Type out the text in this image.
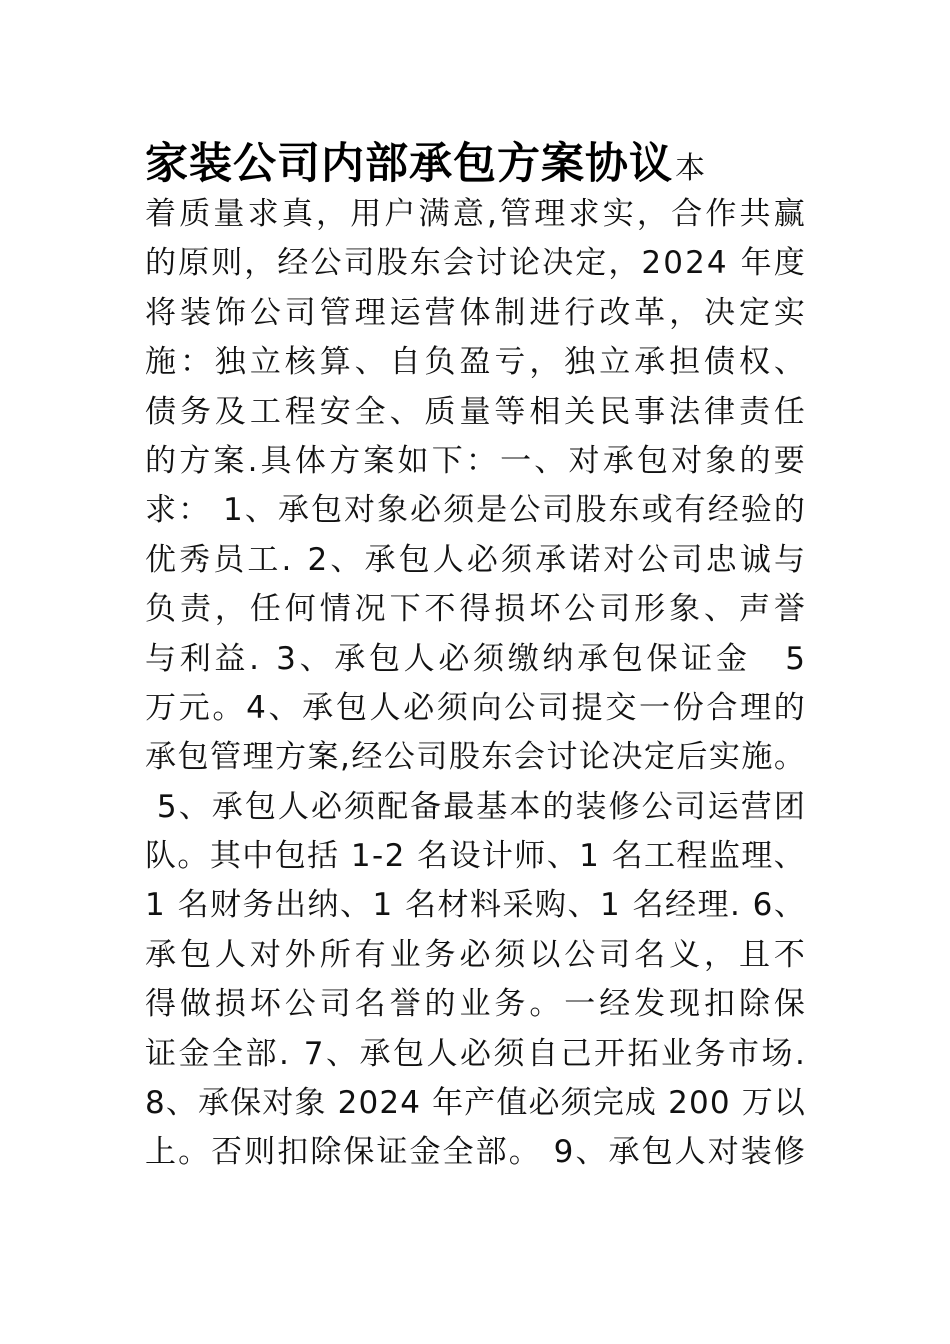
家装公司内部承包方案协议 本
着 质 量 求 真 ， 用 户 满 意 , 管 理 求 实 ， 合 作 共 赢
的 原 则 ， 经 公 司 股 东 会 讨 论 决 定 ， 2 0 2 4
年 度
将 装 饰 公 司 管 理 运 营 体 制 进 行 改 革 ， 决 定 实
施 ： 独 立 核 算 、 自 负 盈 亏 ， 独 立 承 担 债 权 、
债 务 及 工 程 安 全 、 质 量 等 相 关 民 事 法 律 责 任
的 方 案 . 具 体 方 案 如 下 ： 一 、 对 承 包 对 象 的 要
求 ：
1 、 承 包 对 象 必 须 是 公 司 股 东 或 有 经 验 的
优 秀 员 工 .
2 、 承 包 人 必 须 承 诺 对 公 司 忠 诚 与
负 责 ， 任 何 情 况 下 不 得 损 坏 公 司 形 象 、 声 誉
与 利 益 .
3 、 承 包 人 必 须 缴 纳 承 包 保 证 金
　 5
万 元 。 4 、 承 包 人 必 须 向 公 司 提 交 一 份 合 理 的
承 包 管 理 方 案 , 经 公 司 股 东 会 讨 论 决 定 后 实 施 。

5 、 承 包 人 必 须 配 备 最 基 本 的 装 修 公 司 运 营 团
队 。 其 中 包 括
1 - 2
名 设 计 师 、 1
名 工 程 监 理 、
1
名 财 务 出 纳 、 1
名 材 料 采 购 、 1
名 经 理 .
6 、
承 包 人 对 外 所 有 业 务 必 须 以 公 司 名 义 ， 且 不
得 做 损 坏 公 司 名 誉 的 业 务 。 一 经 发 现 扣 除 保
证 金 全 部 .
7 、 承 包 人 必 须 自 己 开 拓 业 务 市 场 .
8 、 承 保 对 象
2 0 2 4
年 产 值 必 须 完 成
2 0 0
万 以
上 。 否 则 扣 除 保 证 金 全 部 。
9 、 承 包 人 对 装 修
